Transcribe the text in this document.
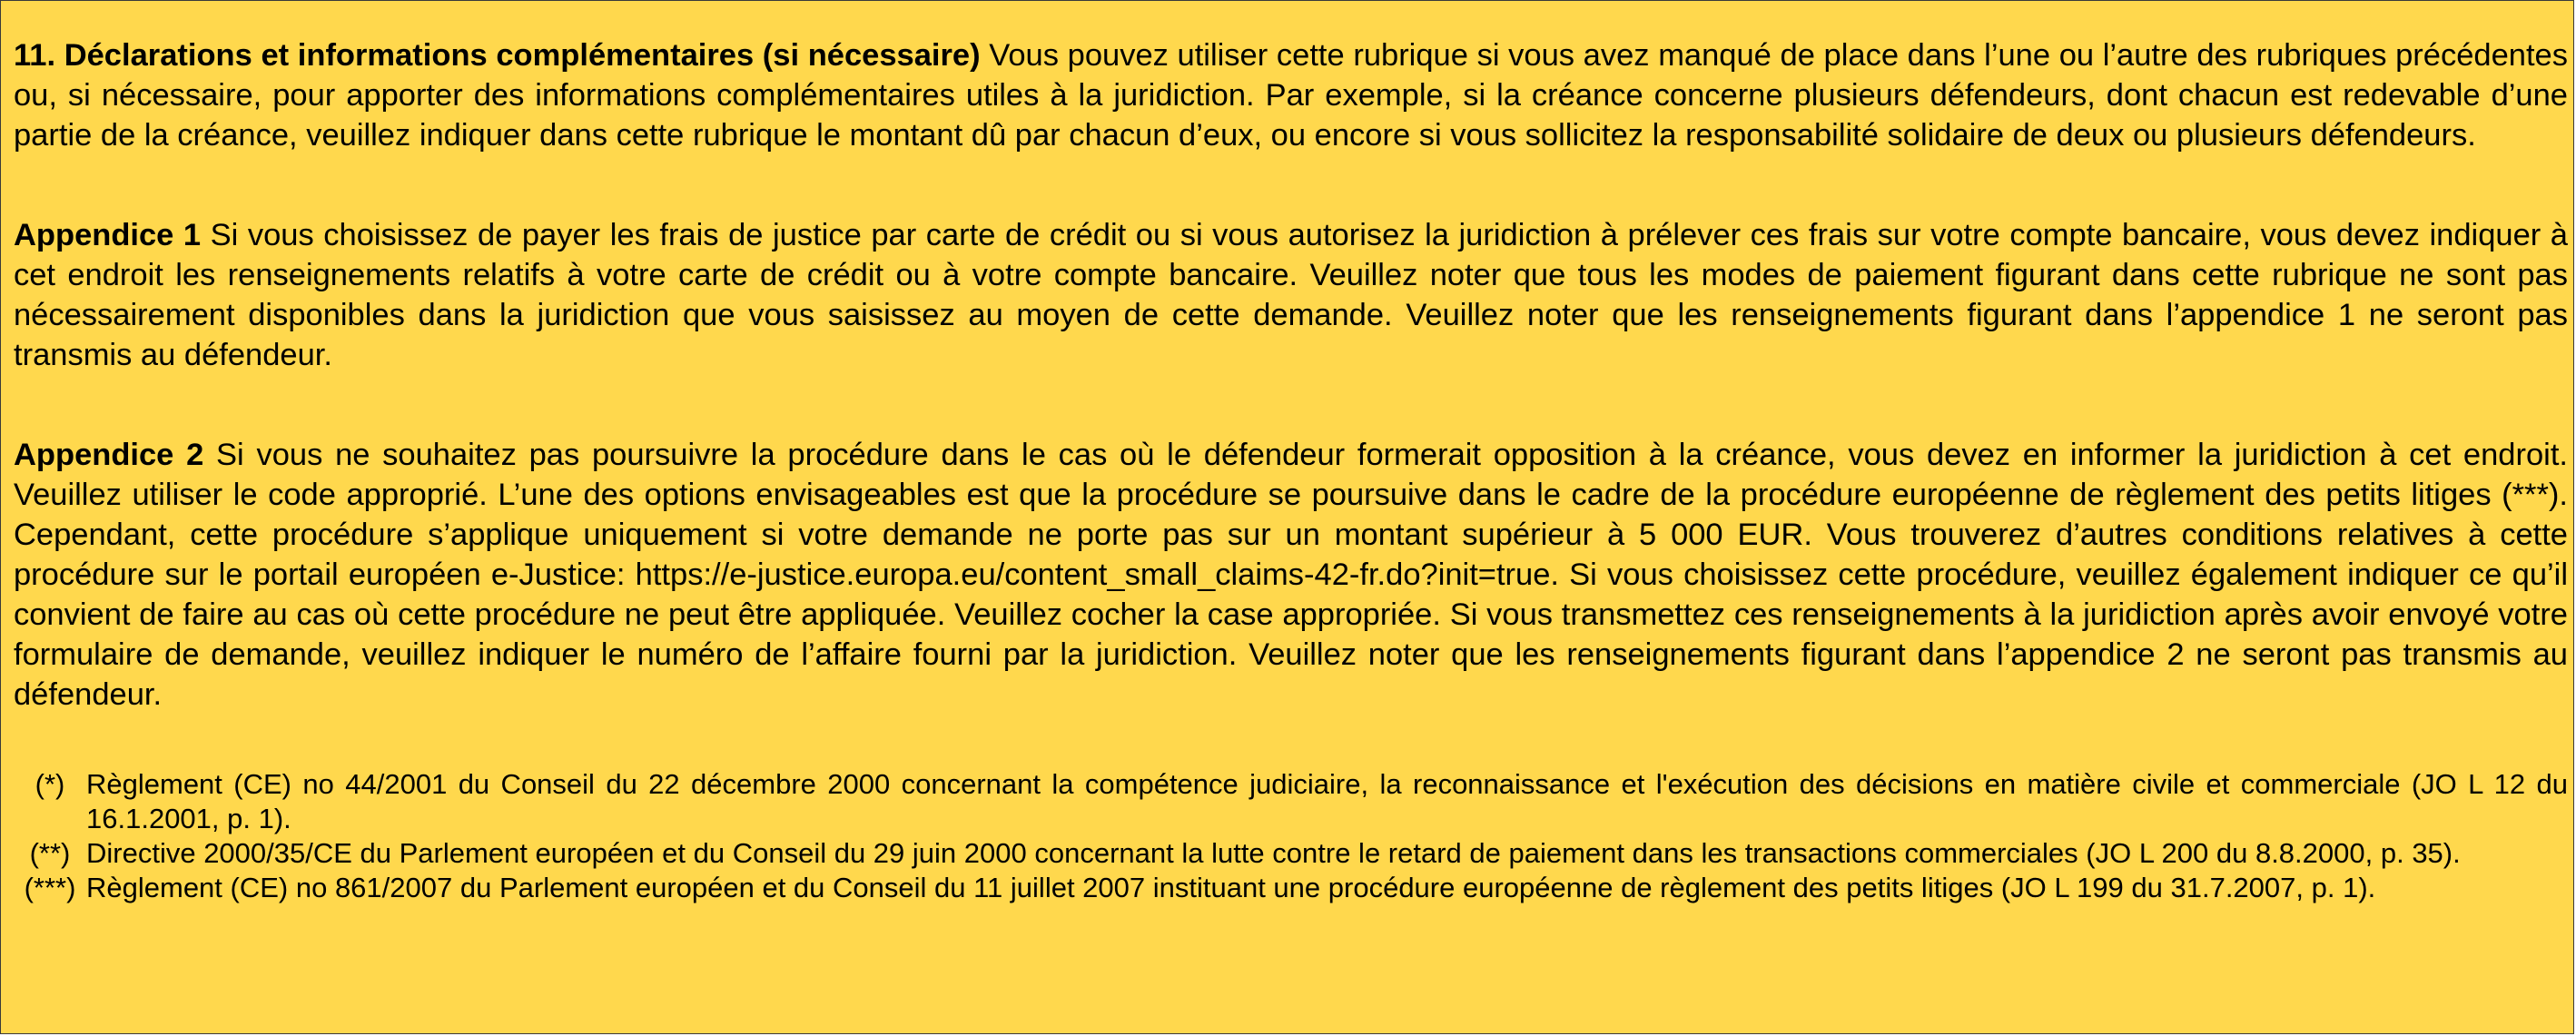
11. Déclarations et informations complémentaires (si nécessaire) Vous pouvez utiliser cette rubrique si vous avez manqué de place dans l’une ou l’autre des rubriques précédentes ou, si nécessaire, pour apporter des informations complémentaires utiles à la juridiction. Par exemple, si la créance concerne plusieurs défendeurs, dont chacun est redevable d’une partie de la créance, veuillez indiquer dans cette rubrique le montant dû par chacun d’eux, ou encore si vous sollicitez la responsabilité solidaire de deux ou plusieurs défendeurs.

Appendice 1 Si vous choisissez de payer les frais de justice par carte de crédit ou si vous autorisez la juridiction à prélever ces frais sur votre compte bancaire, vous devez indiquer à cet endroit les renseignements relatifs à votre carte de crédit ou à votre compte bancaire. Veuillez noter que tous les modes de paiement figurant dans cette rubrique ne sont pas nécessairement disponibles dans la juridiction que vous saisissez au moyen de cette demande. Veuillez noter que les renseignements figurant dans l’appendice 1 ne seront pas transmis au défendeur.

Appendice 2 Si vous ne souhaitez pas poursuivre la procédure dans le cas où le défendeur formerait opposition à la créance, vous devez en informer la juridiction à cet endroit. Veuillez utiliser le code approprié. L’une des options envisageables est que la procédure se poursuive dans le cadre de la procédure européenne de règlement des petits litiges (***). Cependant, cette procédure s’applique uniquement si votre demande ne porte pas sur un montant supérieur à 5 000 EUR. Vous trouverez d’autres conditions relatives à cette procédure sur le portail européen e-Justice: https://e-justice.europa.eu/content_small_claims-42-fr.do?init=true. Si vous choisissez cette procédure, veuillez également indiquer ce qu’il convient de faire au cas où cette procédure ne peut être appliquée. Veuillez cocher la case appropriée. Si vous transmettez ces renseignements à la juridiction après avoir envoyé votre formulaire de demande, veuillez indiquer le numéro de l’affaire fourni par la juridiction. Veuillez noter que les renseignements figurant dans l’appendice 2 ne seront pas transmis au défendeur.

(*) Règlement (CE) no 44/2001 du Conseil du 22 décembre 2000 concernant la compétence judiciaire, la reconnaissance et l'exécution des décisions en matière civile et commerciale (JO L 12 du 16.1.2001, p. 1).
(**) Directive 2000/35/CE du Parlement européen et du Conseil du 29 juin 2000 concernant la lutte contre le retard de paiement dans les transactions commerciales (JO L 200 du 8.8.2000, p. 35).
(***) Règlement (CE) no 861/2007 du Parlement européen et du Conseil du 11 juillet 2007 instituant une procédure européenne de règlement des petits litiges (JO L 199 du 31.7.2007, p. 1).
